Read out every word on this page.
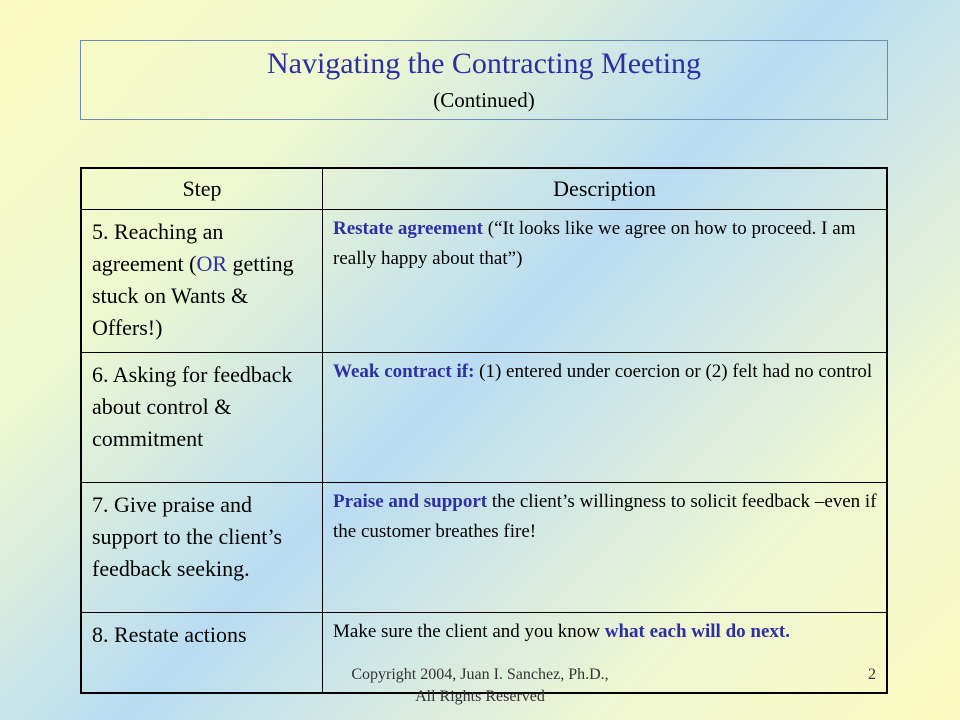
Navigating the Contracting Meeting
(Continued)
Step	Description
5. Reaching an agreement (OR getting stuck on Wants & Offers!)	Restate agreement (“It looks like we agree on how to proceed. I am really happy about that”)
6. Asking for feedback about control & commitment	Weak contract if: (1) entered under coercion or (2) felt had no control
7. Give praise and support to the client’s feedback seeking.	Praise and support the client’s willingness to solicit feedback –even if the customer breathes fire!
8. Restate actions	Make sure the client and you know what each will do next.
Copyright 2004, Juan I. Sanchez, Ph.D., All Rights Reserved
2
